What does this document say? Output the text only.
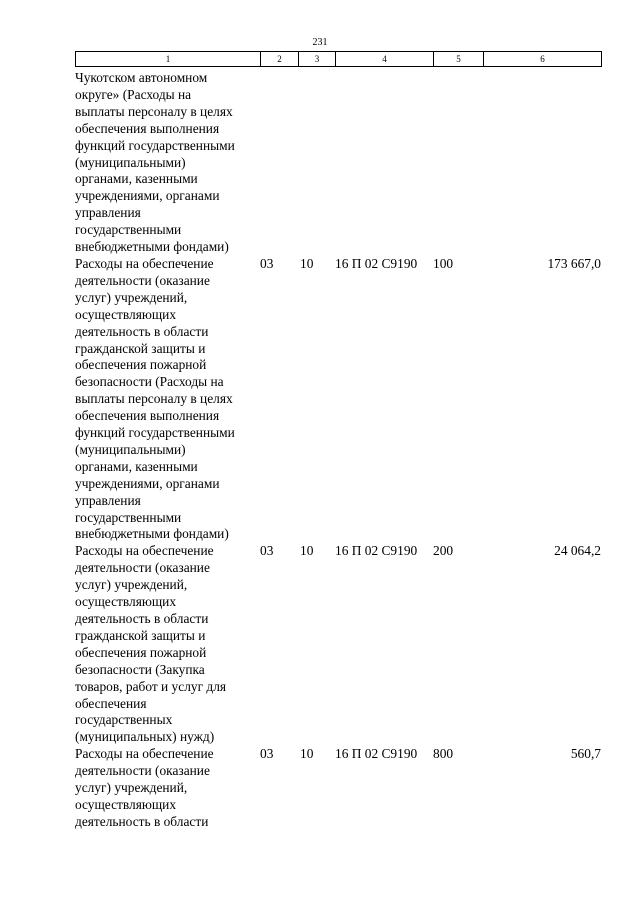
231
1	2	3	4	5	6
Чукотском автономном
округе» (Расходы на
выплаты персоналу в целях
обеспечения выполнения
функций государственными
(муниципальными)
органами, казенными
учреждениями, органами
управления
государственными
внебюджетными фондами)
Расходы на обеспечение
деятельности (оказание
услуг) учреждений,
осуществляющих
деятельность в области
гражданской защиты и
обеспечения пожарной
безопасности (Расходы на
выплаты персоналу в целях
обеспечения выполнения
функций государственными
(муниципальными)
органами, казенными
учреждениями, органами
управления
государственными
внебюджетными фондами)
03	10	16 П 02 С9190	100	173 667,0
Расходы на обеспечение
деятельности (оказание
услуг) учреждений,
осуществляющих
деятельность в области
гражданской защиты и
обеспечения пожарной
безопасности (Закупка
товаров, работ и услуг для
обеспечения
государственных
(муниципальных) нужд)
03	10	16 П 02 С9190	200	24 064,2
Расходы на обеспечение
деятельности (оказание
услуг) учреждений,
осуществляющих
деятельность в области
03	10	16 П 02 С9190	800	560,7
